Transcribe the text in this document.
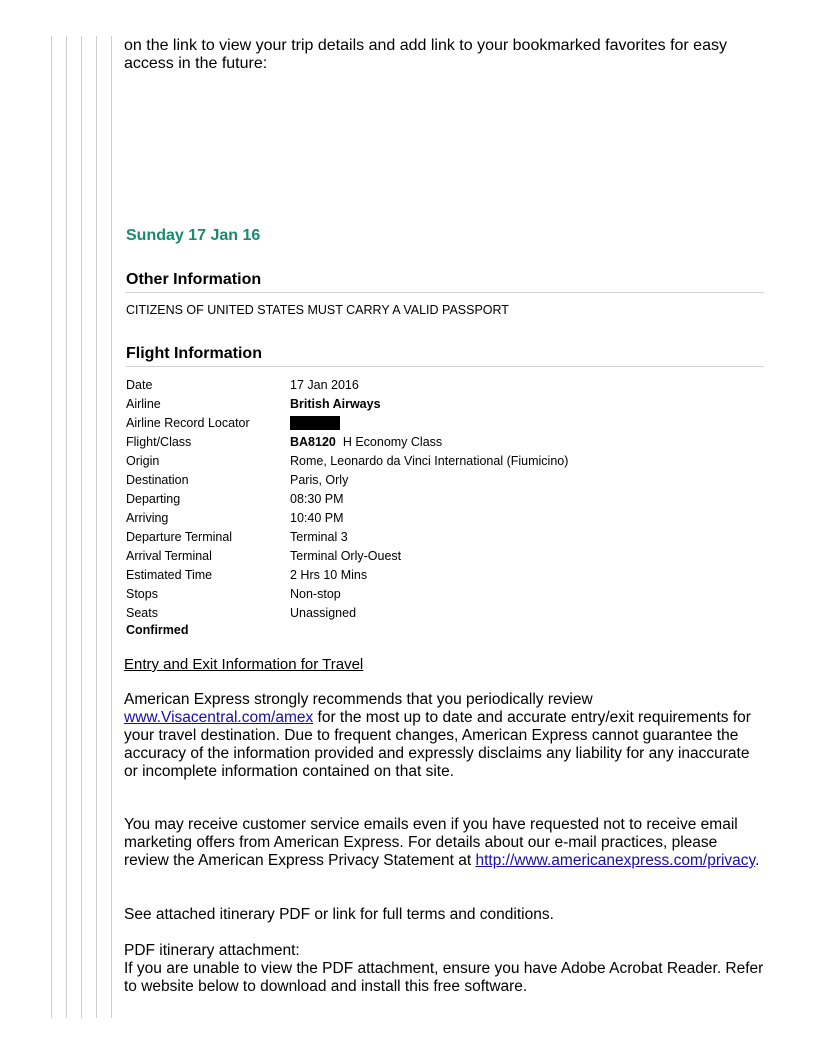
on the link to view your trip details and add link to your bookmarked favorites for easy access in the future:

Sunday 17 Jan 16
Other Information

CITIZENS OF UNITED STATES MUST CARRY A VALID PASSPORT

Flight Information
Date	17 Jan 2016
Airline	British Airways
Airline Record Locator	
Flight/Class	BA8120 H Economy Class
Origin	Rome, Leonardo da Vinci International (Fiumicino)
Destination	Paris, Orly
Departing	08:30 PM
Arriving	10:40 PM
Departure Terminal	Terminal 3
Arrival Terminal	Terminal Orly-Ouest
Estimated Time	2 Hrs 10 Mins
Stops	Non-stop
Seats	Unassigned

Confirmed

Entry and Exit Information for Travel

American Express strongly recommends that you periodically review www.Visacentral.com/amex for the most up to date and accurate entry/exit requirements for your travel destination. Due to frequent changes, American Express cannot guarantee the accuracy of the information provided and expressly disclaims any liability for any inaccurate or incomplete information contained on that site.

You may receive customer service emails even if you have requested not to receive email marketing offers from American Express. For details about our e-mail practices, please review the American Express Privacy Statement at http://www.americanexpress.com/privacy.

See attached itinerary PDF or link for full terms and conditions.

PDF itinerary attachment:

If you are unable to view the PDF attachment, ensure you have Adobe Acrobat Reader. Refer to website below to download and install this free software.
